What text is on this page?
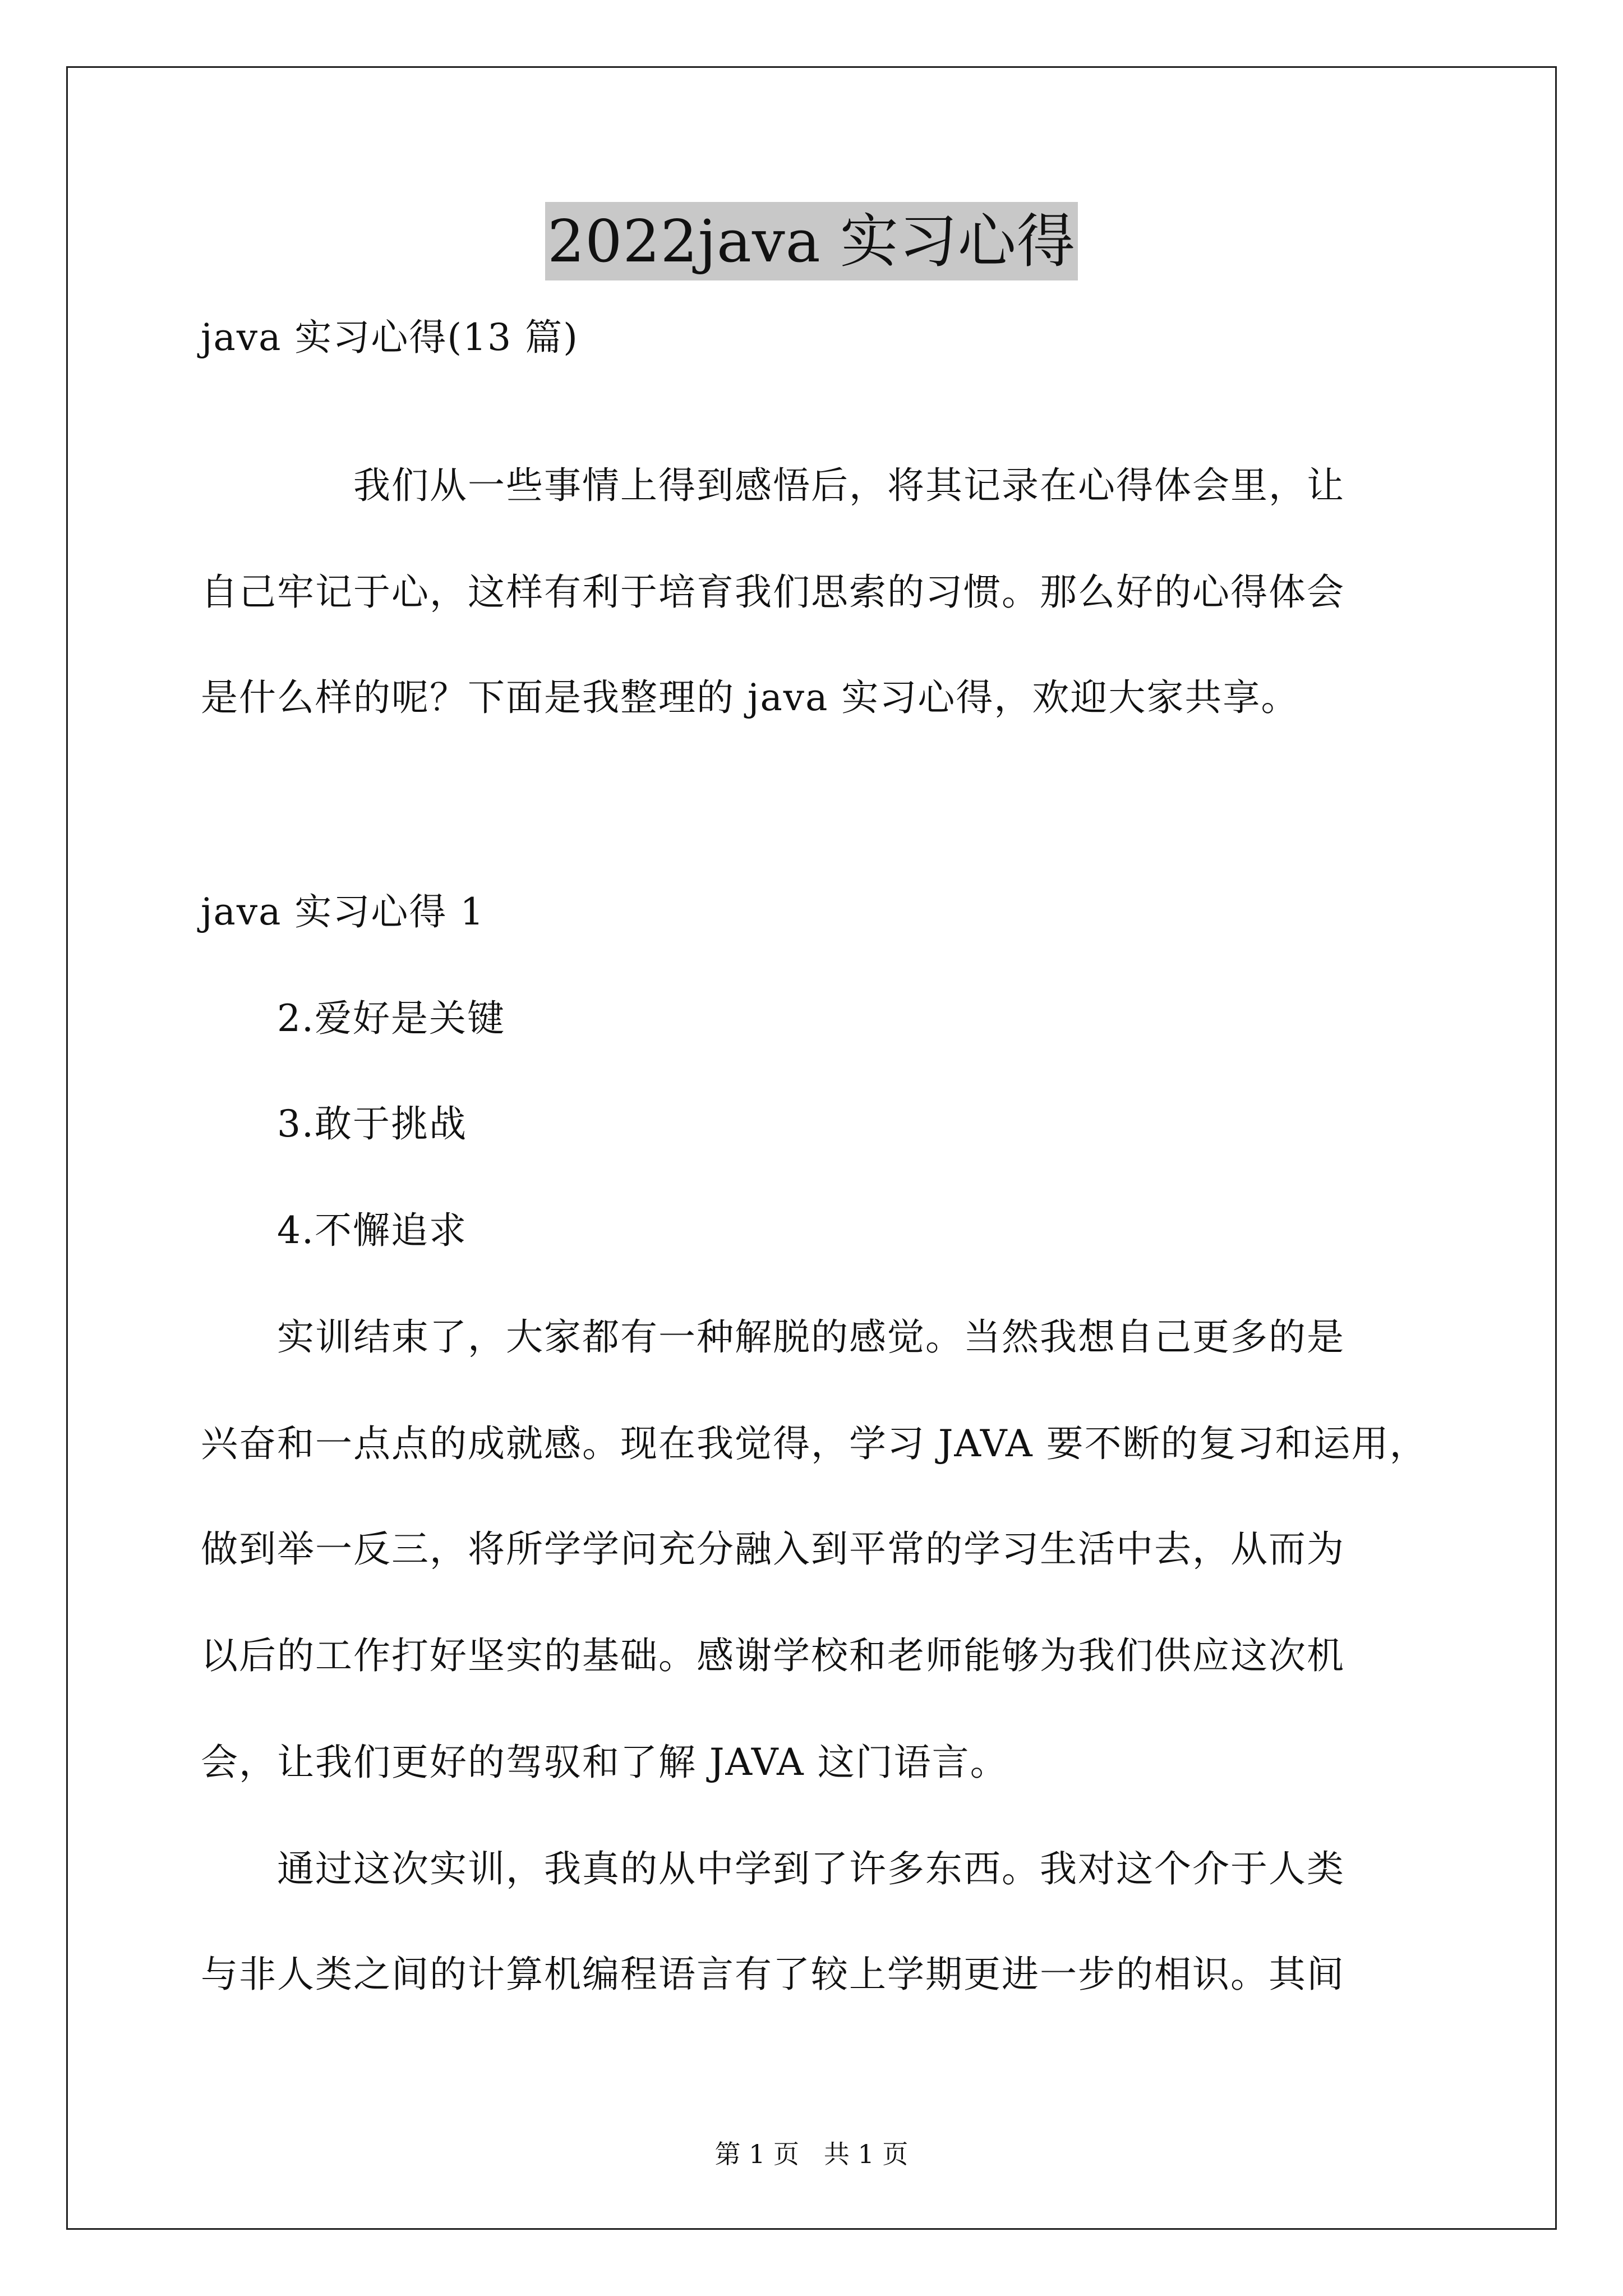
2022java 实习心得
java 实习心得(13 篇)
　　　　我们从一些事情上得到感悟后，将其记录在心得体会里，让
自己牢记于心，这样有利于培育我们思索的习惯。那么好的心得体会
是什么样的呢？下面是我整理的 java 实习心得，欢迎大家共享。
java 实习心得 1
　　2.爱好是关键
　　3.敢于挑战
　　4.不懈追求
　　实训结束了，大家都有一种解脱的感觉。当然我想自己更多的是
兴奋和一点点的成就感。现在我觉得，学习 JAVA 要不断的复习和运用，
做到举一反三，将所学学问充分融入到平常的学习生活中去，从而为
以后的工作打好坚实的基础。感谢学校和老师能够为我们供应这次机
会，让我们更好的驾驭和了解 JAVA 这门语言。
　　通过这次实训，我真的从中学到了许多东西。我对这个介于人类
与非人类之间的计算机编程语言有了较上学期更进一步的相识。其间
第 1 页   共 1 页
